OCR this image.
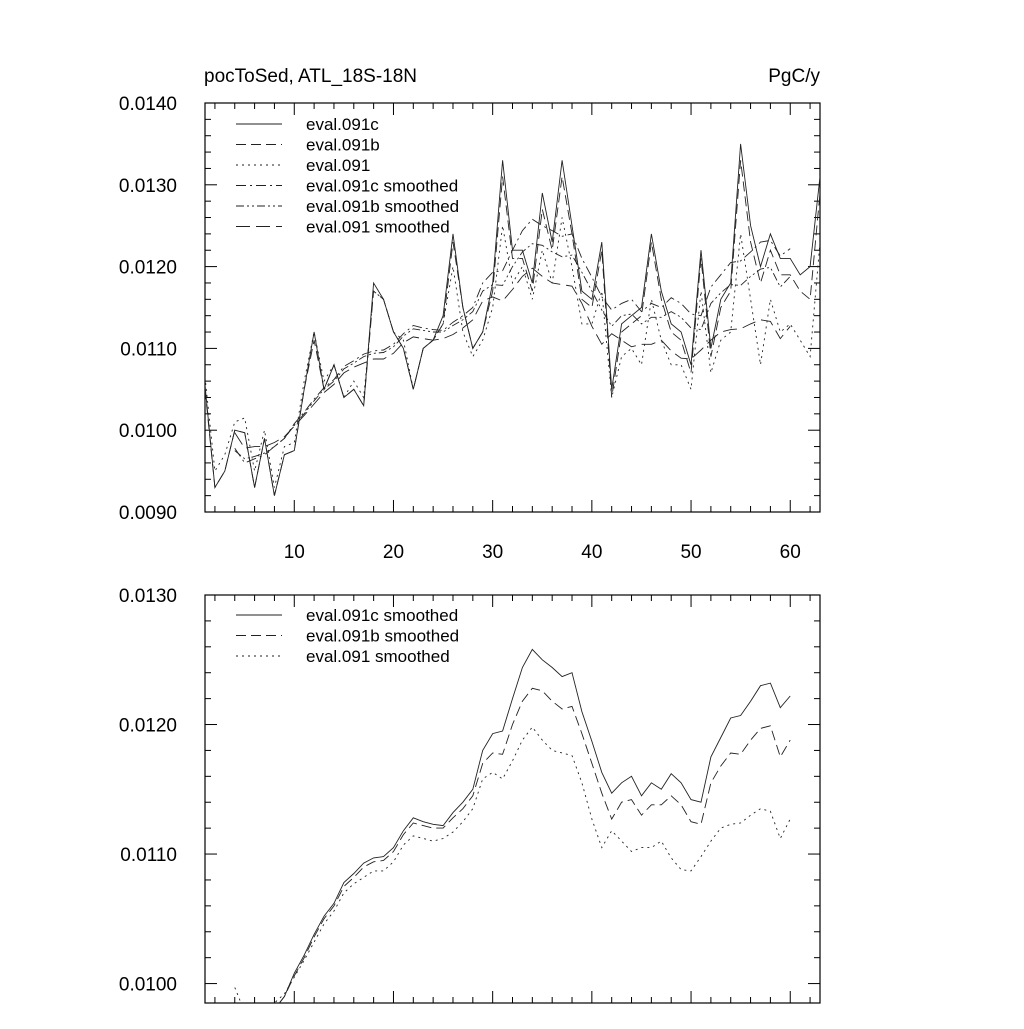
pocToSed, ATL_18S-18N	PgC/y
0.0090
0.0100
0.0110
0.0120
0.0130
0.0140
10	20	30	40	50	60
eval.091c
eval.091b
eval.091
eval.091c smoothed
eval.091b smoothed
eval.091 smoothed
0.0100
0.0110
0.0120
0.0130
eval.091c smoothed
eval.091b smoothed
eval.091 smoothed
